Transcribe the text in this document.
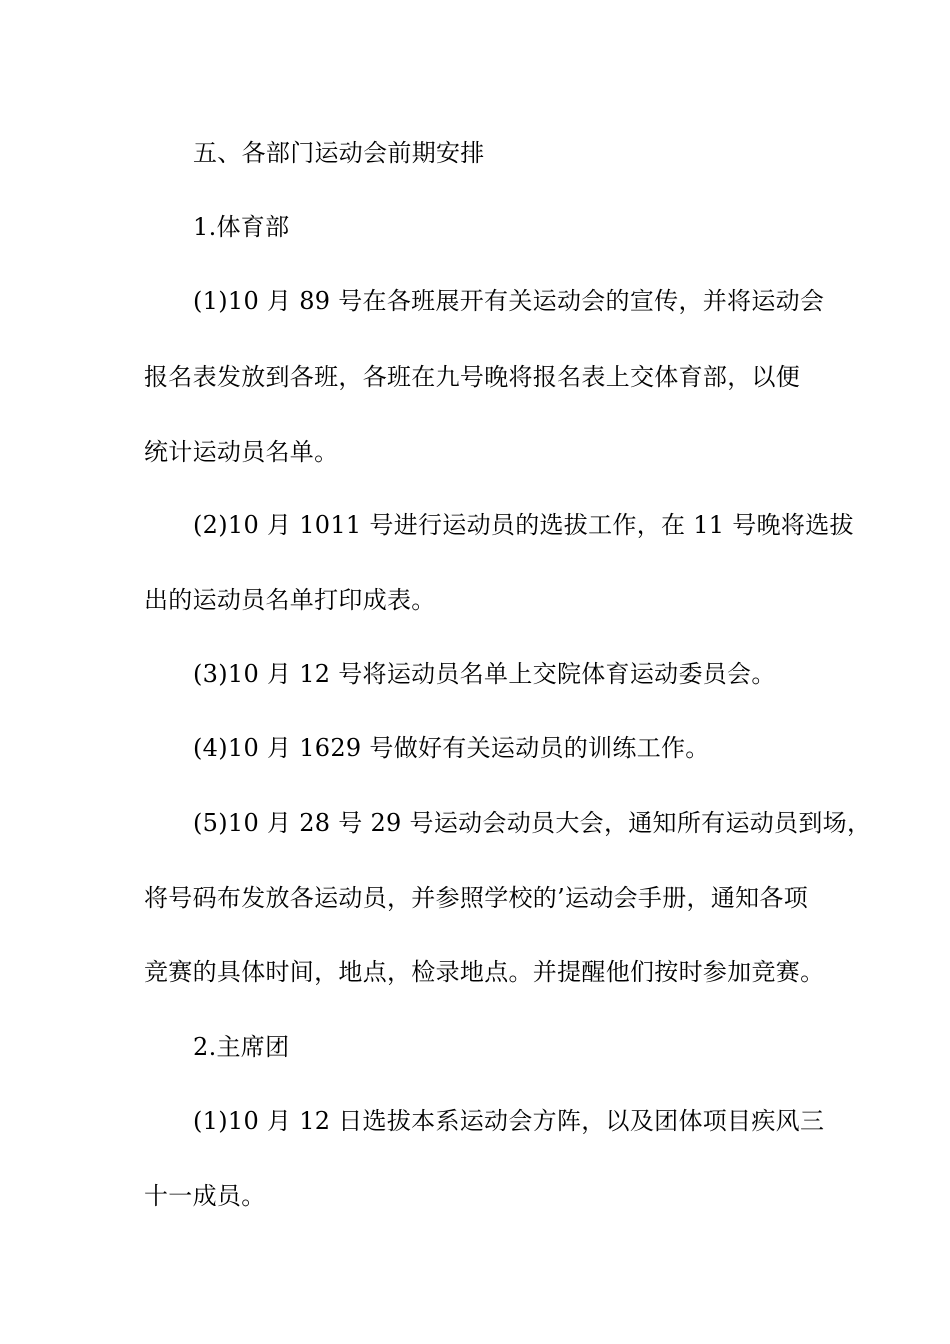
五、各部门运动会前期安排
1.体育部
(1)10 月 89 号在各班展开有关运动会的宣传，并将运动会
报名表发放到各班，各班在九号晚将报名表上交体育部，以便
统计运动员名单。
(2)10 月 1011 号进行运动员的选拔工作，在 11 号晚将选拔
出的运动员名单打印成表。
(3)10 月 12 号将运动员名单上交院体育运动委员会。
(4)10 月 1629 号做好有关运动员的训练工作。
(5)10 月 28 号 29 号运动会动员大会，通知所有运动员到场，
将号码布发放各运动员，并参照学校的’运动会手册，通知各项
竞赛的具体时间，地点，检录地点。并提醒他们按时参加竞赛。
2.主席团
(1)10 月 12 日选拔本系运动会方阵，以及团体项目疾风三
十一成员。
